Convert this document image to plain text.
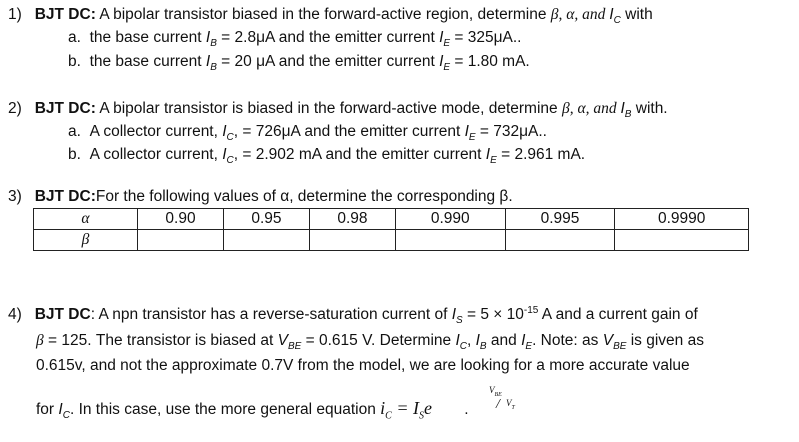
1) BJT DC: A bipolar transistor biased in the forward-active region, determine β, α, and $I_C$ with
a. the base current $I_B = 2.8\mu A$ and the emitter current $I_E = 325\mu A$..
b. the base current $I_B = 20$ μA and the emitter current $I_E = 1.80$ mA.
2) BJT DC: A bipolar transistor is biased in the forward-active mode, determine β, α, and $I_B$ with.
a. A collector current, $I_C$, = 726μA and the emitter current $I_E = 732\mu A$..
b. A collector current, $I_C$, = 2.902 mA and the emitter current $I_E = 2.961$ mA.
3) BJT DC:For the following values of α, determine the corresponding β.
α	0.90	0.95	0.98	0.990	0.995	0.9990
β						
4) BJT DC: A npn transistor has a reverse-saturation current of $I_S = 5 \times 10^{-15}$ A and a current gain of
β = 125. The transistor is biased at $V_{BE} = 0.615$ V. Determine $I_C$, $I_B$ and $I_E$. Note: as $V_{BE}$ is given as
0.615v, and not the approximate 0.7V from the model, we are looking for a more accurate value
for $I_C$. In this case, use the more general equation $i_C = I_Se$ .
$V_{BE}$
/ $V_T$
